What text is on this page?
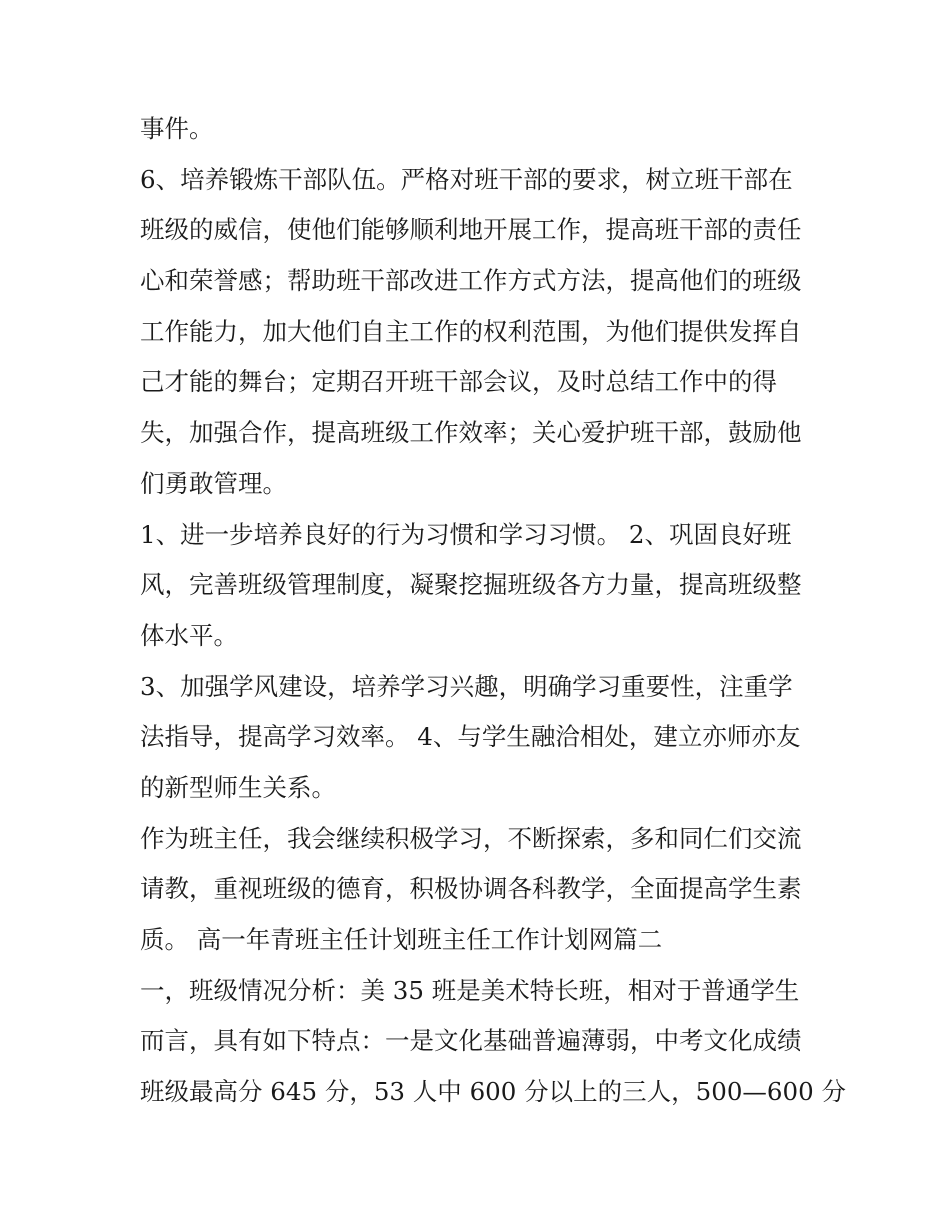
事件。
6、培养锻炼干部队伍。严格对班干部的要求，树立班干部在
班级的威信，使他们能够顺利地开展工作，提高班干部的责任
心和荣誉感；帮助班干部改进工作方式方法，提高他们的班级
工作能力，加大他们自主工作的权利范围，为他们提供发挥自
己才能的舞台；定期召开班干部会议，及时总结工作中的得
失，加强合作，提高班级工作效率；关心爱护班干部，鼓励他
们勇敢管理。
1、进一步培养良好的行为习惯和学习习惯。 2、巩固良好班
风，完善班级管理制度，凝聚挖掘班级各方力量，提高班级整
体水平。
3、加强学风建设，培养学习兴趣，明确学习重要性，注重学
法指导，提高学习效率。 4、与学生融洽相处，建立亦师亦友
的新型师生关系。
作为班主任，我会继续积极学习，不断探索，多和同仁们交流
请教，重视班级的德育，积极协调各科教学，全面提高学生素
质。 高一年青班主任计划班主任工作计划网篇二
一，班级情况分析：美 35 班是美术特长班，相对于普通学生
而言，具有如下特点：一是文化基础普遍薄弱，中考文化成绩
班级最高分 645 分，53 人中 600 分以上的三人，500—600 分
